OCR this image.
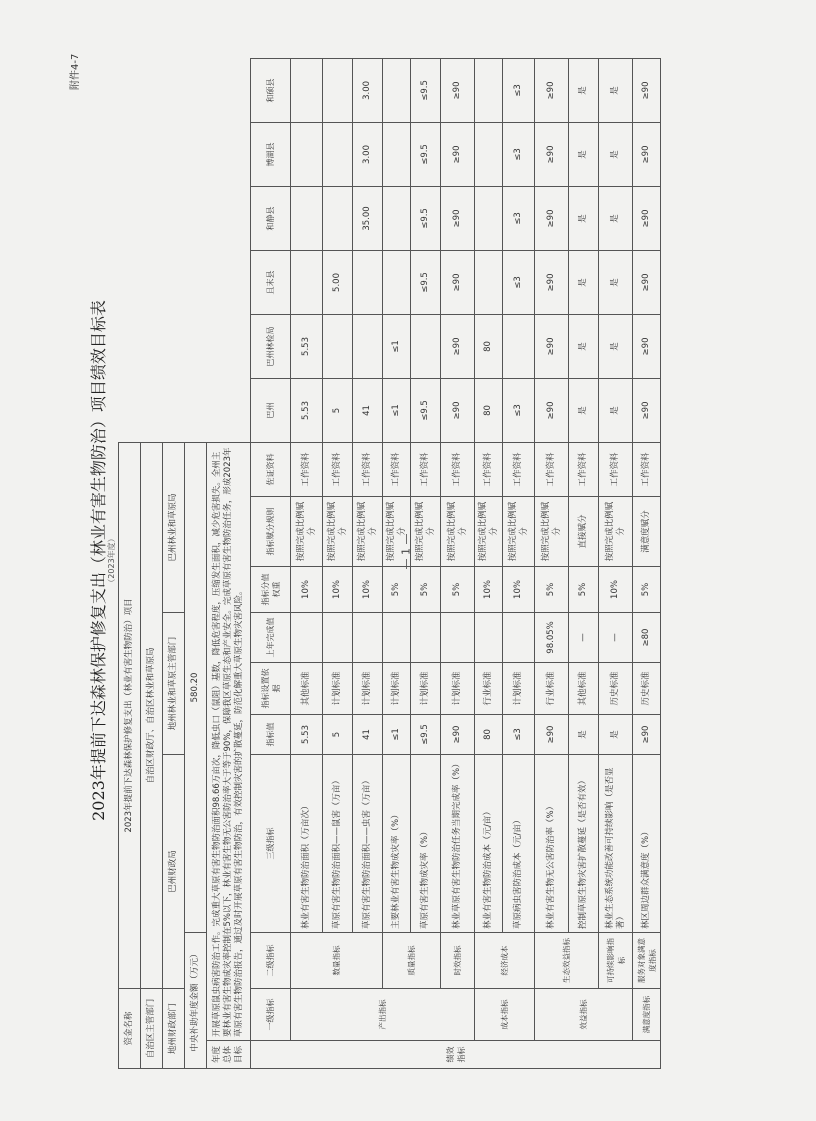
附件4-7
— 1 —
2023年提前下达森林保护修复支出（林业有害生物防治）项目绩效目标表 （2023年度）
资金名称		2023年提前下达森林保护修复支出（林业有害生物防治）项目													
自治区主管部门		自治区财政厅、自治区林业和草原局													
地州财政部门		巴州财政局		地州林业和草原主管部门			巴州林业和草原局								
中央补助年度金额（万元）			580.20												
年度总体目标	开展草原鼠虫病害防治工作。完成重大草原有害生物防治面积98.66万亩次，降低虫口（鼠阻）基数，降低危害程度，压缩发生面积，减少危害损失。全州主要林业有害生物成灾率控制在5%以下，林业有害生物无公害防治率大于等于90%，保障我区草原生态和产业安全。完成草原有害生物防治任务，形成2023年草原有害生物防治报告，通过及时开展草原有害生物防治，有效控制灾害的扩散蔓延，防范化解重大草原生物灾害风险。														
绩效指标	一级指标	二级指标	三级指标	指标值	指标设置依据	上年完成值	指标分值权重	指标赋分规则	佐证资料	巴州	巴州林检局	且末县	和静县	博湖县	和硕县
	产出指标	数量指标	林业有害生物防治面积（万亩次）	5.53	其他标准		10%	按照完成比例赋分	工作资料	5.53	5.53				
			草原有害生物防治面积——鼠害（万亩）	5	计划标准		10%	按照完成比例赋分	工作资料	5		5.00			
			草原有害生物防治面积——虫害（万亩）	41	计划标准		10%	按照完成比例赋分	工作资料	41			35.00	3.00	3.00
		质量指标	主要林业有害生物成灾率（%）	≤1	计划标准		5%	按照完成比例赋分	工作资料	≤1	≤1				
			草原有害生物成灾率（%）	≤9.5	计划标准		5%	按照完成比例赋分	工作资料	≤9.5		≤9.5	≤9.5	≤9.5	≤9.5
		时效指标	林业草原有害生物防治任务当期完成率（%）	≥90	计划标准		5%	按照完成比例赋分	工作资料	≥90	≥90	≥90	≥90	≥90	≥90
	成本指标	经济成本	林业有害生物防治成本（元/亩）	80	行业标准		10%	按照完成比例赋分	工作资料	80	80				
			草原病虫害防治成本（元/亩）	≤3	计划标准		10%	按照完成比例赋分	工作资料	≤3		≤3	≤3	≤3	≤3
	效益指标	生态效益指标	林业有害生物无公害防治率（%）	≥90	行业标准	98.05%	5%	按照完成比例赋分	工作资料	≥90	≥90	≥90	≥90	≥90	≥90
			控制草原生物灾害扩散蔓延（是否有效）	是	其他标准	—	5%	直接赋分	工作资料	是	是	是	是	是	是
		可持续影响指标	林业生态系统功能改善可持续影响（是否显著）	是	历史标准	—	10%	按照完成比例赋分	工作资料	是	是	是	是	是	是
	满意度指标	服务对象满意度指标	林区周边群众满意度（%）	≥90	历史标准	≥80	5%	满意度赋分	工作资料	≥90	≥90	≥90	≥90	≥90	≥90
